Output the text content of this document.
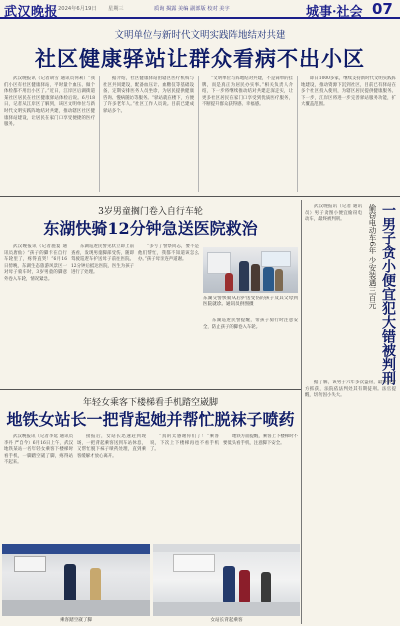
武汉晚报 2024年6月19日 星期三	质询 揭露 美编 副部版 校对 美字	城事·社会 07
文明单位与新时代文明实践阵地结对共建
社区健康驿站让群众看病不出小区

武汉晚报讯（记者胡雪 通讯员何莉）“我们小区有社区健康驿站，平时量个血压、做个体检都不用出小区了。”近日，江岸区后湖街道某社区居民在社区健康驿站体检后说。6月18日，记者从江岸区了解到，该区文明单位与新时代文明实践阵地结对共建，推动辖区社区健康驿站建设，让居民在家门口享受便捷的医疗服务。

据介绍，社区健康驿站由辖区医疗机构与社区共同建设，配备血压计、血糖仪等基础设备，定期安排医务人员坐诊，为居民提供健康咨询、慢病随访等服务。“驿站就在楼下，方便了许多老年人。”社区工作人员说。目前已建成驿站多个。

“文明单位与阵地结对共建，不是简单的挂牌，而是真正为居民办实事。”相关负责人介绍，下一步将继续推动结对共建走深走实，让更多社区居民在家门口享受到优质医疗服务，不断提升群众获得感、幸福感。

即日1000多家，继续支持新时代文明实践阵地建设，推动资源下沉到社区，目前已有驿站在多个社区投入使用，为辖区居民提供健康服务。下一步，江岸区将进一步完善驿站服务功能，扩大覆盖范围。

3岁男童搁门卷入自行车轮
东湖快骑12分钟急送医院救治

武汉晚报讯（记者施宴 通讯员唐仙）“孩子的脚卡在自行车轮里了，疼得直哭！”6月16日傍晚，东湖生态旅游风景区一对母子骑车时，3岁男童的脚意外卷入车轮，情况紧急。

东湖巡逻民警见状立即上前查看，发现男童脚部受伤，随即驾驶巡逻车护送母子前往医院。12分钟后抵达医院，医生为孩子进行了处理。

“多亏了警察同志，要不是他们帮忙，我都不知道该怎么办。”孩子母亲连声道谢。

东湖巡逻民警提醒，带孩子骑行时注意安全，防止孩子的脚卷入车轮。

东湖交警快骑从后护送受伤的孩子及其父母到医院就诊。通讯员供图摄
年轻女乘客下楼梯看手机踏空崴脚
地铁女站长一把背起她并帮忙脱袜子喷药

武汉晚报讯（记者李延 通讯员李丹 严自今）6月16日上午，武汉地铁某站一名年轻女乘客下楼梯时看手机，一脚踏空崴了脚，疼得站不起来。

接报后，女站长迅速赶到现场，一把背起乘客送到车站休息，又帮忙脱下袜子喷药处理，直到乘客缓解才放心离开。

“真的太感谢你们了！”乘客说，下次上下楼梯再也不看手机了。

地铁方面提醒，乘客上下楼梯时不要低头看手机，注意脚下安全。

乘客踏空崴了脚	女站长背起乘客
偷窃电动车6年 少安装遇三百元 一男子贪小便宜犯大错被判刑

武汉晚报讯（记者 通讯员）男子贪图小便宜偷窃电动车，最终被判刑。

据了解，该男子六年多次盗窃，最终被警方抓获，法院依法判处其有期徒刑。法官提醒，切勿因小失大。
